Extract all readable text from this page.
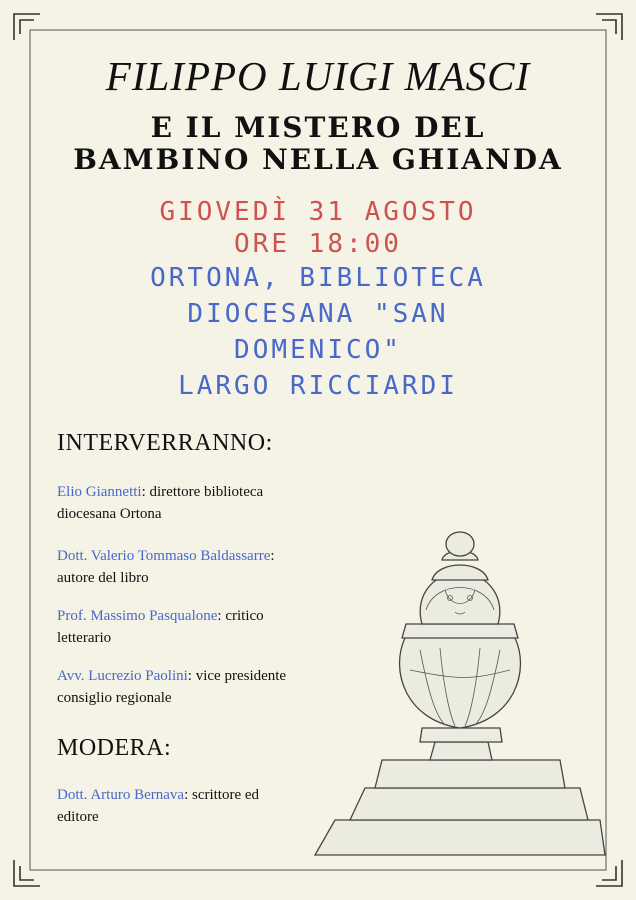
FILIPPO LUIGI MASCI
E IL MISTERO DEL
BAMBINO NELLA GHIANDA
GIOVEDÌ 31 AGOSTO
ORE 18:00
ORTONA, BIBLIOTECA
DIOCESANA "SAN
DOMENICO"
LARGO RICCIARDI
INTERVERRANNO:
Elio Giannetti: direttore biblioteca
diocesana Ortona
Dott. Valerio Tommaso Baldassarre:
autore del libro
Prof. Massimo Pasqualone: critico
letterario
Avv. Lucrezio Paolini: vice presidente
consiglio regionale
MODERA:
Dott. Arturo Bernava: scrittore ed
editore
